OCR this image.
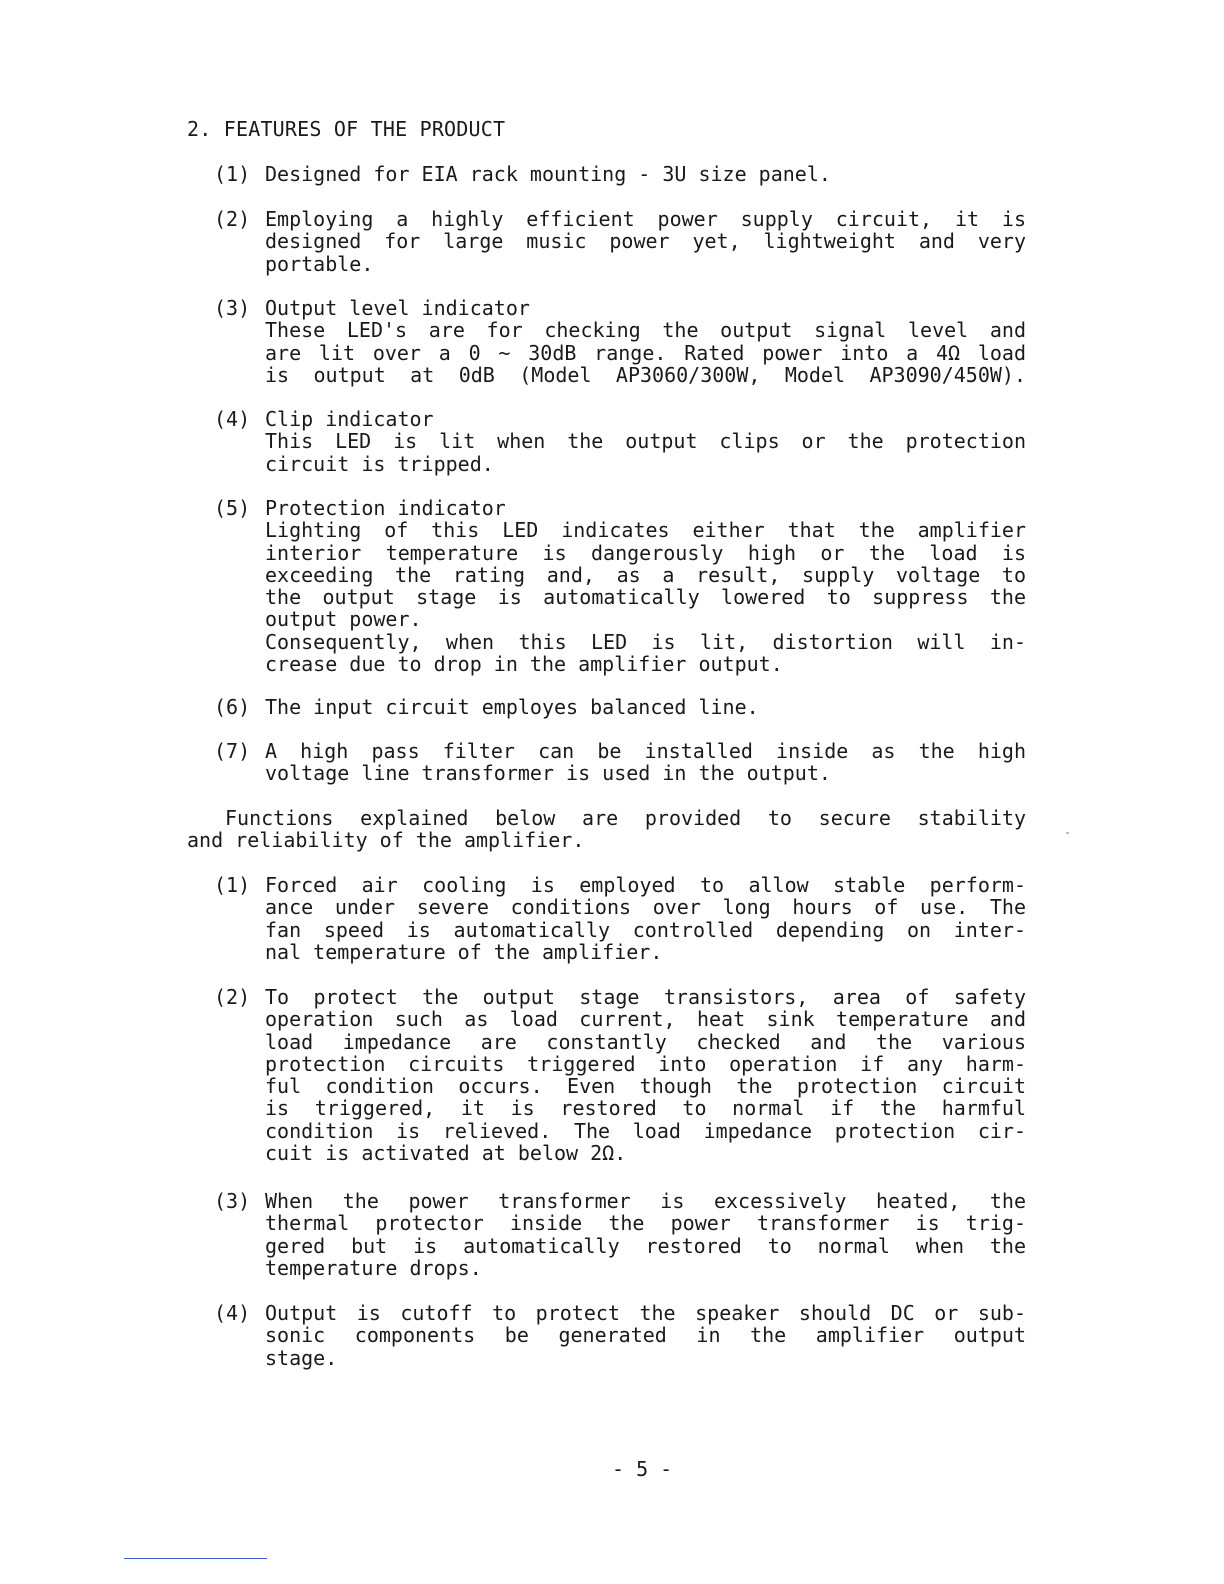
2. FEATURES OF THE PRODUCT
(1) Designed for EIA rack mounting - 3U size panel.
(2) Employing a highly efficient power supply circuit, it is
designed for large music power yet, lightweight and very
portable.
(3) Output level indicator
These LED's are for checking the output signal level and
are lit over a 0 ~ 30dB range. Rated power into a 4Ω load
is output at 0dB (Model AP3060/300W, Model AP3090/450W).
(4) Clip indicator
This LED is lit when the output clips or the protection
circuit is tripped.
(5) Protection indicator
Lighting of this LED indicates either that the amplifier
interior temperature is dangerously high or the load is
exceeding the rating and, as a result, supply voltage to
the output stage is automatically lowered to suppress the
output power.
Consequently, when this LED is lit, distortion will in-
crease due to drop in the amplifier output.
(6) The input circuit employes balanced line.
(7) A high pass filter can be installed inside as the high
voltage line transformer is used in the output.
Functions explained below are provided to secure stability
and reliability of the amplifier.
(1) Forced air cooling is employed to allow stable perform-
ance under severe conditions over long hours of use. The
fan speed is automatically controlled depending on inter-
nal temperature of the amplifier.
(2) To protect the output stage transistors, area of safety
operation such as load current, heat sink temperature and
load impedance are constantly checked and the various
protection circuits triggered into operation if any harm-
ful condition occurs. Even though the protection circuit
is triggered, it is restored to normal if the harmful
condition is relieved. The load impedance protection cir-
cuit is activated at below 2Ω.
(3) When the power transformer is excessively heated, the
thermal protector inside the power transformer is trig-
gered but is automatically restored to normal when the
temperature drops.
(4) Output is cutoff to protect the speaker should DC or sub-
sonic components be generated in the amplifier output
stage.
- 5 -
